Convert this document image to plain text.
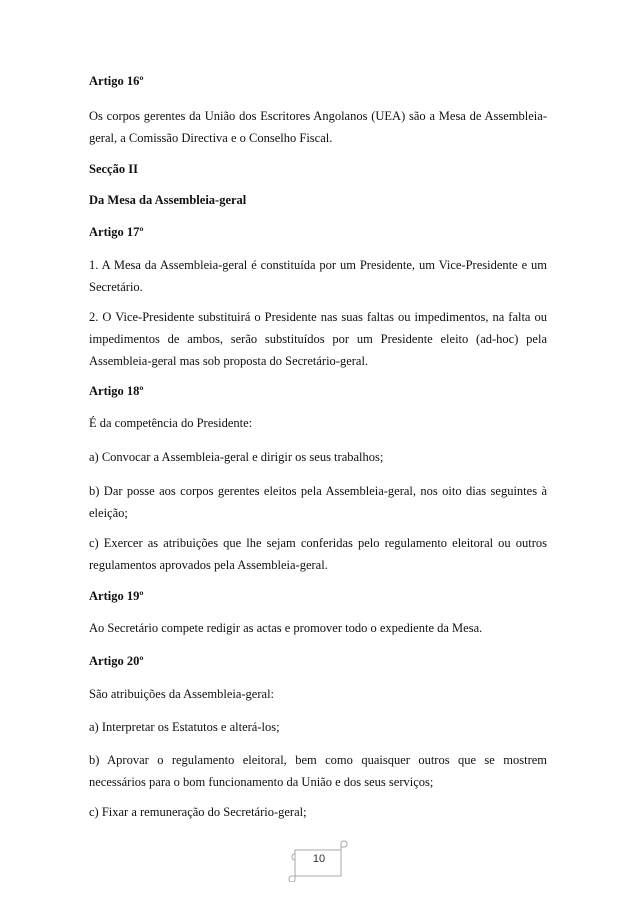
Artigo 16º

Os corpos gerentes da União dos Escritores Angolanos (UEA) são a Mesa de Assembleia-geral, a Comissão Directiva e o Conselho Fiscal.

Secção II

Da Mesa da Assembleia-geral

Artigo 17º

1. A Mesa da Assembleia-geral é constituída por um Presidente, um Vice-Presidente e um Secretário.

2. O Vice-Presidente substituirá o Presidente nas suas faltas ou impedimentos, na falta ou impedimentos de ambos, serão substituídos por um Presidente eleito (ad-hoc) pela Assembleia-geral mas sob proposta do Secretário-geral.

Artigo 18º

É da competência do Presidente:

a) Convocar a Assembleia-geral e dirigir os seus trabalhos;

b) Dar posse aos corpos gerentes eleitos pela Assembleia-geral, nos oito dias seguintes à eleição;

c) Exercer as atribuições que lhe sejam conferidas pelo regulamento eleitoral ou outros regulamentos aprovados pela Assembleia-geral.

Artigo 19º

Ao Secretário compete redigir as actas e promover todo o expediente da Mesa.

Artigo 20º

São atribuições da Assembleia-geral:

a) Interpretar os Estatutos e alterá-los;

b) Aprovar o regulamento eleitoral, bem como quaisquer outros que se mostrem necessários para o bom funcionamento da União e dos seus serviços;

c) Fixar a remuneração do Secretário-geral;

10
